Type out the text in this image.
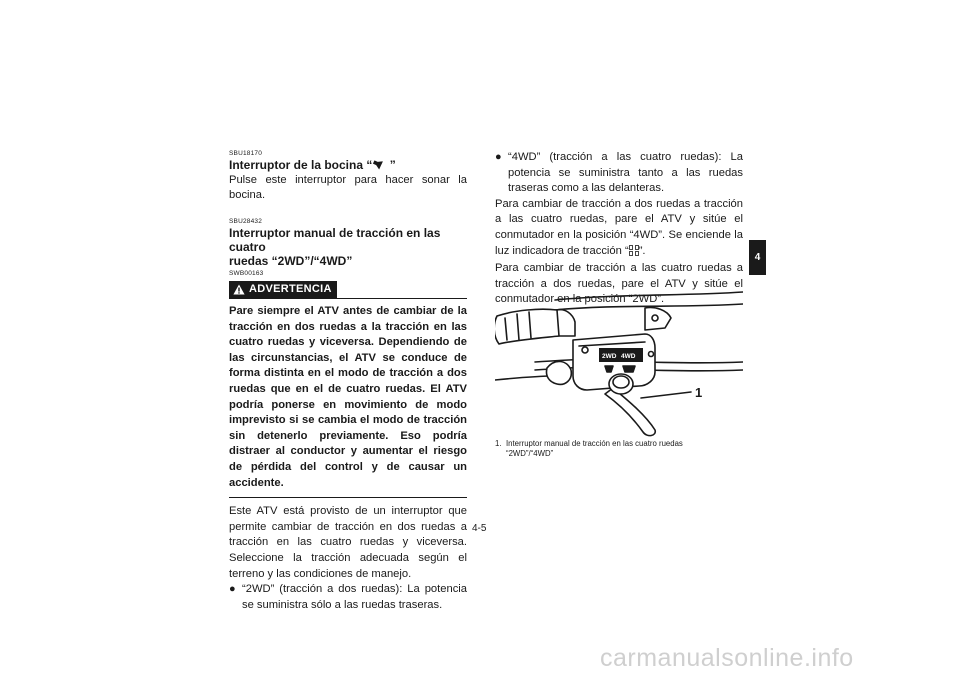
SBU18170

Interruptor de la bocina “ ”

Pulse este interruptor para hacer sonar la bocina.

SBU28432

Interruptor manual de tracción en las cuatro
ruedas “2WD”/“4WD”

SWB00163

ADVERTENCIA

Pare siempre el ATV antes de cambiar de la tracción en dos ruedas a la tracción en las cuatro ruedas y viceversa. Dependiendo de las circunstancias, el ATV se conduce de forma distinta en el modo de tracción a dos ruedas que en el de cuatro ruedas. El ATV podría ponerse en movimiento de modo imprevisto si se cambia el modo de tracción sin detenerlo previamente. Eso podría distraer al conductor y aumentar el riesgo de pérdida del control y de causar un accidente.

Este ATV está provisto de un interruptor que permite cambiar de tracción en dos ruedas a tracción en las cuatro ruedas y viceversa. Seleccione la tracción adecuada según el terreno y las condiciones de manejo.

● “2WD” (tracción a dos ruedas): La potencia se suministra sólo a las ruedas traseras.
● “4WD” (tracción a las cuatro ruedas): La potencia se suministra tanto a las ruedas traseras como a las delanteras.

Para cambiar de tracción a dos ruedas a tracción a las cuatro ruedas, pare el ATV y sitúe el conmutador en la posición “4WD”. Se enciende la luz indicadora de tracción “ ”.

Para cambiar de tracción a las cuatro ruedas a tracción a dos ruedas, pare el ATV y sitúe el conmutador en la posición “2WD”.

2WD 4WD
1
1. Interruptor manual de tracción en las cuatro ruedas
“2WD”/“4WD”
4
4-5
carmanualsonline.info
